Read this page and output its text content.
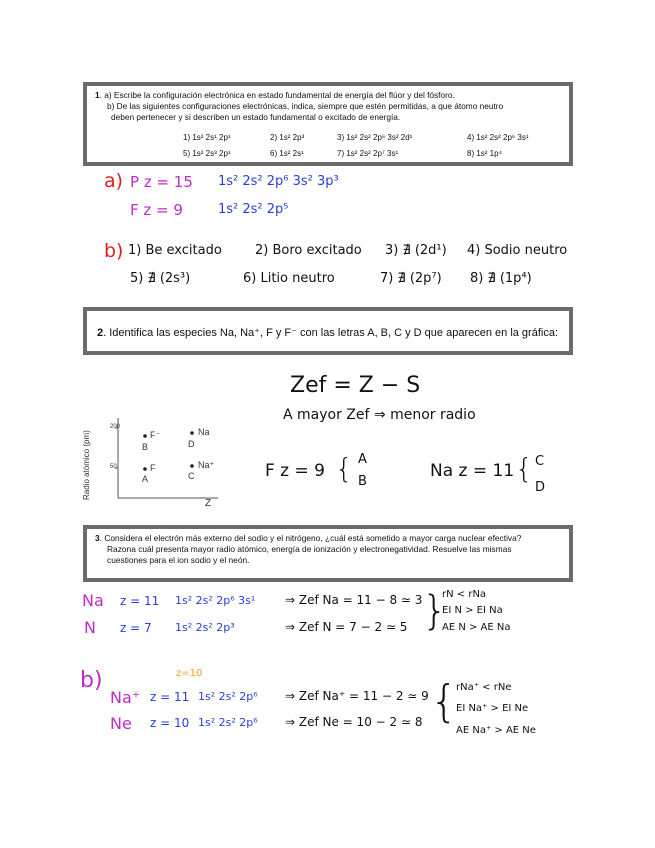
1. a) Escribe la configuración electrónica en estado fundamental de energía del flúor y del fósforo.
b) De las siguientes configuraciones electrónicas, indica, siempre que estén permitidas, a que átomo neutro
deben pertenecer y si describen un estado fundamental o excitado de energía.
1) 1s² 2s¹ 2p¹	2) 1s² 2p³	3) 1s² 2s² 2p⁶ 3s² 2d¹	4) 1s² 2s² 2p⁶ 3s¹
5) 1s² 2s³ 2p¹	6) 1s² 2s¹	7) 1s² 2s² 2p⁷ 3s¹	8) 1s² 1p⁴
a) P z = 15 1s² 2s² 2p⁶ 3s² 3p³
F z = 9	1s² 2s² 2p⁵
b) 1) Be excitado	2) Boro excitado 3) ∄ (2d¹) 4) Sodio neutro
5) ∄ (2s³)	6) Litio neutro	7) ∄ (2p⁷) 8) ∄ (1p⁴)
2. Identifica las especies Na, Na⁺, F y F⁻ con las letras A, B, C y D que aparecen en la gráfica:
Zef = Z − S
A mayor Zef ⇒ menor radio
Radio atómico (pm)
200
50
Z
B
F⁻
D
Na
A
F
C
Na⁺	F z = 9 { A
B
Na z = 11 { C
D
3. Considera el electrón más externo del sodio y el nitrógeno, ¿cuál está sometido a mayor carga nuclear efectiva?
Razona cuál presenta mayor radio atómico, energía de ionización y electronegatividad. Resuelve las mismas
cuestiones para el ion sodio y el neón.
Na z = 11 1s² 2s² 2p⁶ 3s¹ ⇒ Zef Na = 11 − 8 ≃ 3
N z = 7 1s² 2s² 2p³	⇒ Zef N = 7 − 2 ≃ 5 }
rN < rNa
EI N > EI Na
AE N > AE Na
b)	z=10
Na⁺ z = 11 1s² 2s² 2p⁶ ⇒ Zef Na⁺ = 11 − 2 ≃ 9
Ne z = 10 1s² 2s² 2p⁶ ⇒ Zef Ne = 10 − 2 ≃ 8 {
rNa⁺ < rNe
EI Na⁺ > EI Ne
AE Na⁺ > AE Ne
